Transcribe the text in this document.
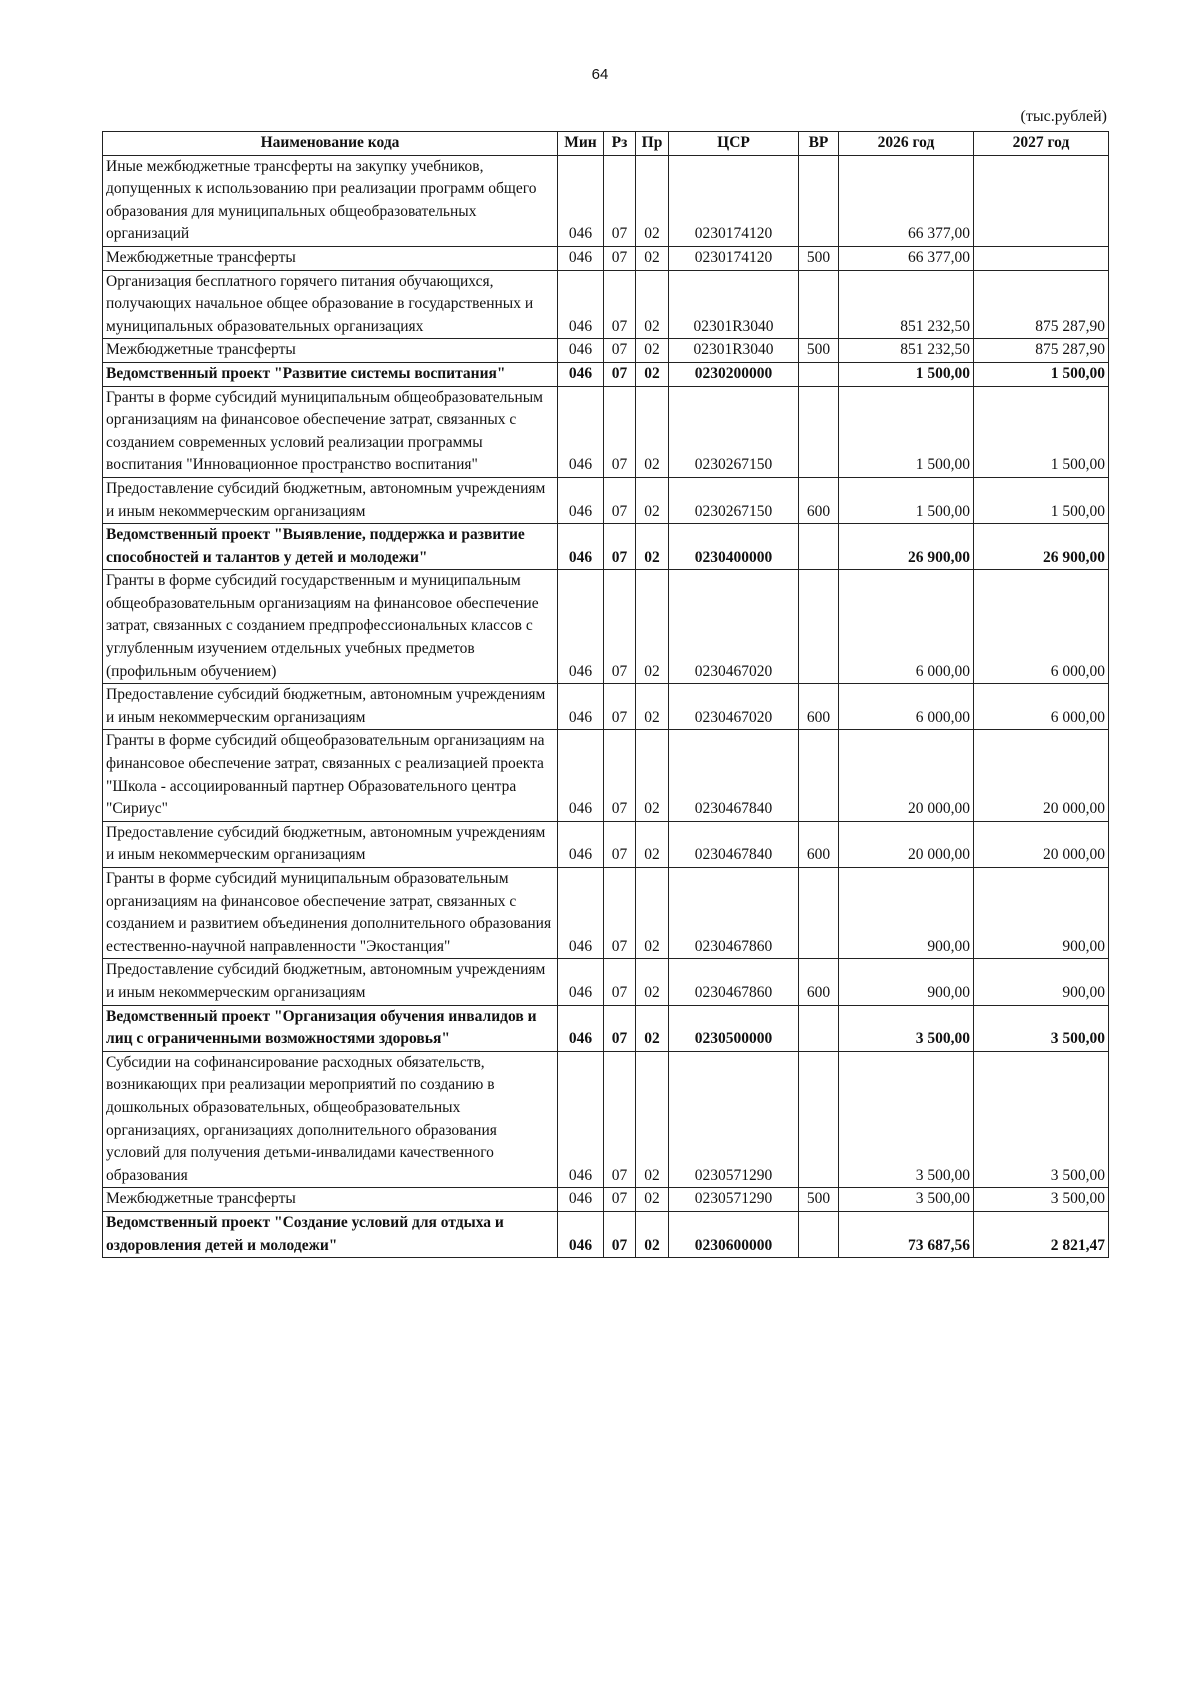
64
(тыс.рублей)
Наименование кода	Мин	Рз	Пр	ЦСР	ВР	2026 год	2027 год
Иные межбюджетные трансферты на закупку учебников, допущенных к использованию при реализации программ общего образования для муниципальных общеобразовательных организаций	046	07	02	0230174120		66 377,00	
Межбюджетные трансферты	046	07	02	0230174120	500	66 377,00	
Организация бесплатного горячего питания обучающихся, получающих начальное общее образование в государственных и муниципальных образовательных организациях	046	07	02	02301R3040		851 232,50	875 287,90
Межбюджетные трансферты	046	07	02	02301R3040	500	851 232,50	875 287,90
Ведомственный проект "Развитие системы воспитания"	046	07	02	0230200000		1 500,00	1 500,00
Гранты в форме субсидий муниципальным общеобразовательным организациям на финансовое обеспечение затрат, связанных с созданием современных условий реализации программы воспитания "Инновационное пространство воспитания"	046	07	02	0230267150		1 500,00	1 500,00
Предоставление субсидий бюджетным, автономным учреждениям и иным некоммерческим организациям	046	07	02	0230267150	600	1 500,00	1 500,00
Ведомственный проект "Выявление, поддержка и развитие способностей и талантов у детей и молодежи"	046	07	02	0230400000		26 900,00	26 900,00
Гранты в форме субсидий государственным и муниципальным общеобразовательным организациям на финансовое обеспечение затрат, связанных с созданием предпрофессиональных классов с углубленным изучением отдельных учебных предметов (профильным обучением)	046	07	02	0230467020		6 000,00	6 000,00
Предоставление субсидий бюджетным, автономным учреждениям и иным некоммерческим организациям	046	07	02	0230467020	600	6 000,00	6 000,00
Гранты в форме субсидий общеобразовательным организациям на финансовое обеспечение затрат, связанных с реализацией проекта "Школа - ассоциированный партнер Образовательного центра "Сириус"	046	07	02	0230467840		20 000,00	20 000,00
Предоставление субсидий бюджетным, автономным учреждениям и иным некоммерческим организациям	046	07	02	0230467840	600	20 000,00	20 000,00
Гранты в форме субсидий муниципальным образовательным организациям на финансовое обеспечение затрат, связанных с созданием и развитием объединения дополнительного образования естественно-научной направленности "Экостанция"	046	07	02	0230467860		900,00	900,00
Предоставление субсидий бюджетным, автономным учреждениям и иным некоммерческим организациям	046	07	02	0230467860	600	900,00	900,00
Ведомственный проект "Организация обучения инвалидов и лиц с ограниченными возможностями здоровья"	046	07	02	0230500000		3 500,00	3 500,00
Субсидии на софинансирование расходных обязательств, возникающих при реализации мероприятий по созданию в дошкольных образовательных, общеобразовательных организациях, организациях дополнительного образования условий для получения детьми-инвалидами качественного образования	046	07	02	0230571290		3 500,00	3 500,00
Межбюджетные трансферты	046	07	02	0230571290	500	3 500,00	3 500,00
Ведомственный проект "Создание условий для отдыха и оздоровления детей и молодежи"	046	07	02	0230600000		73 687,56	2 821,47
